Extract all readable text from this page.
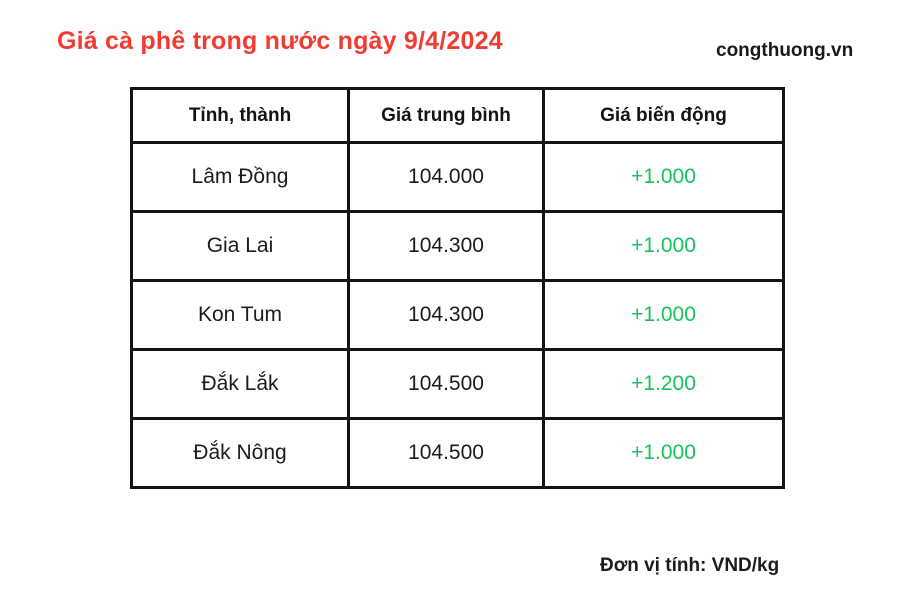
Giá cà phê trong nước ngày 9/4/2024	congthuong.vn
Tỉnh, thành	Giá trung bình	Giá biến động
Lâm Đồng	104.000	+1.000
Gia Lai	104.300	+1.000
Kon Tum	104.300	+1.000
Đắk Lắk	104.500	+1.200
Đắk Nông	104.500	+1.000
Đơn vị tính: VND/kg
